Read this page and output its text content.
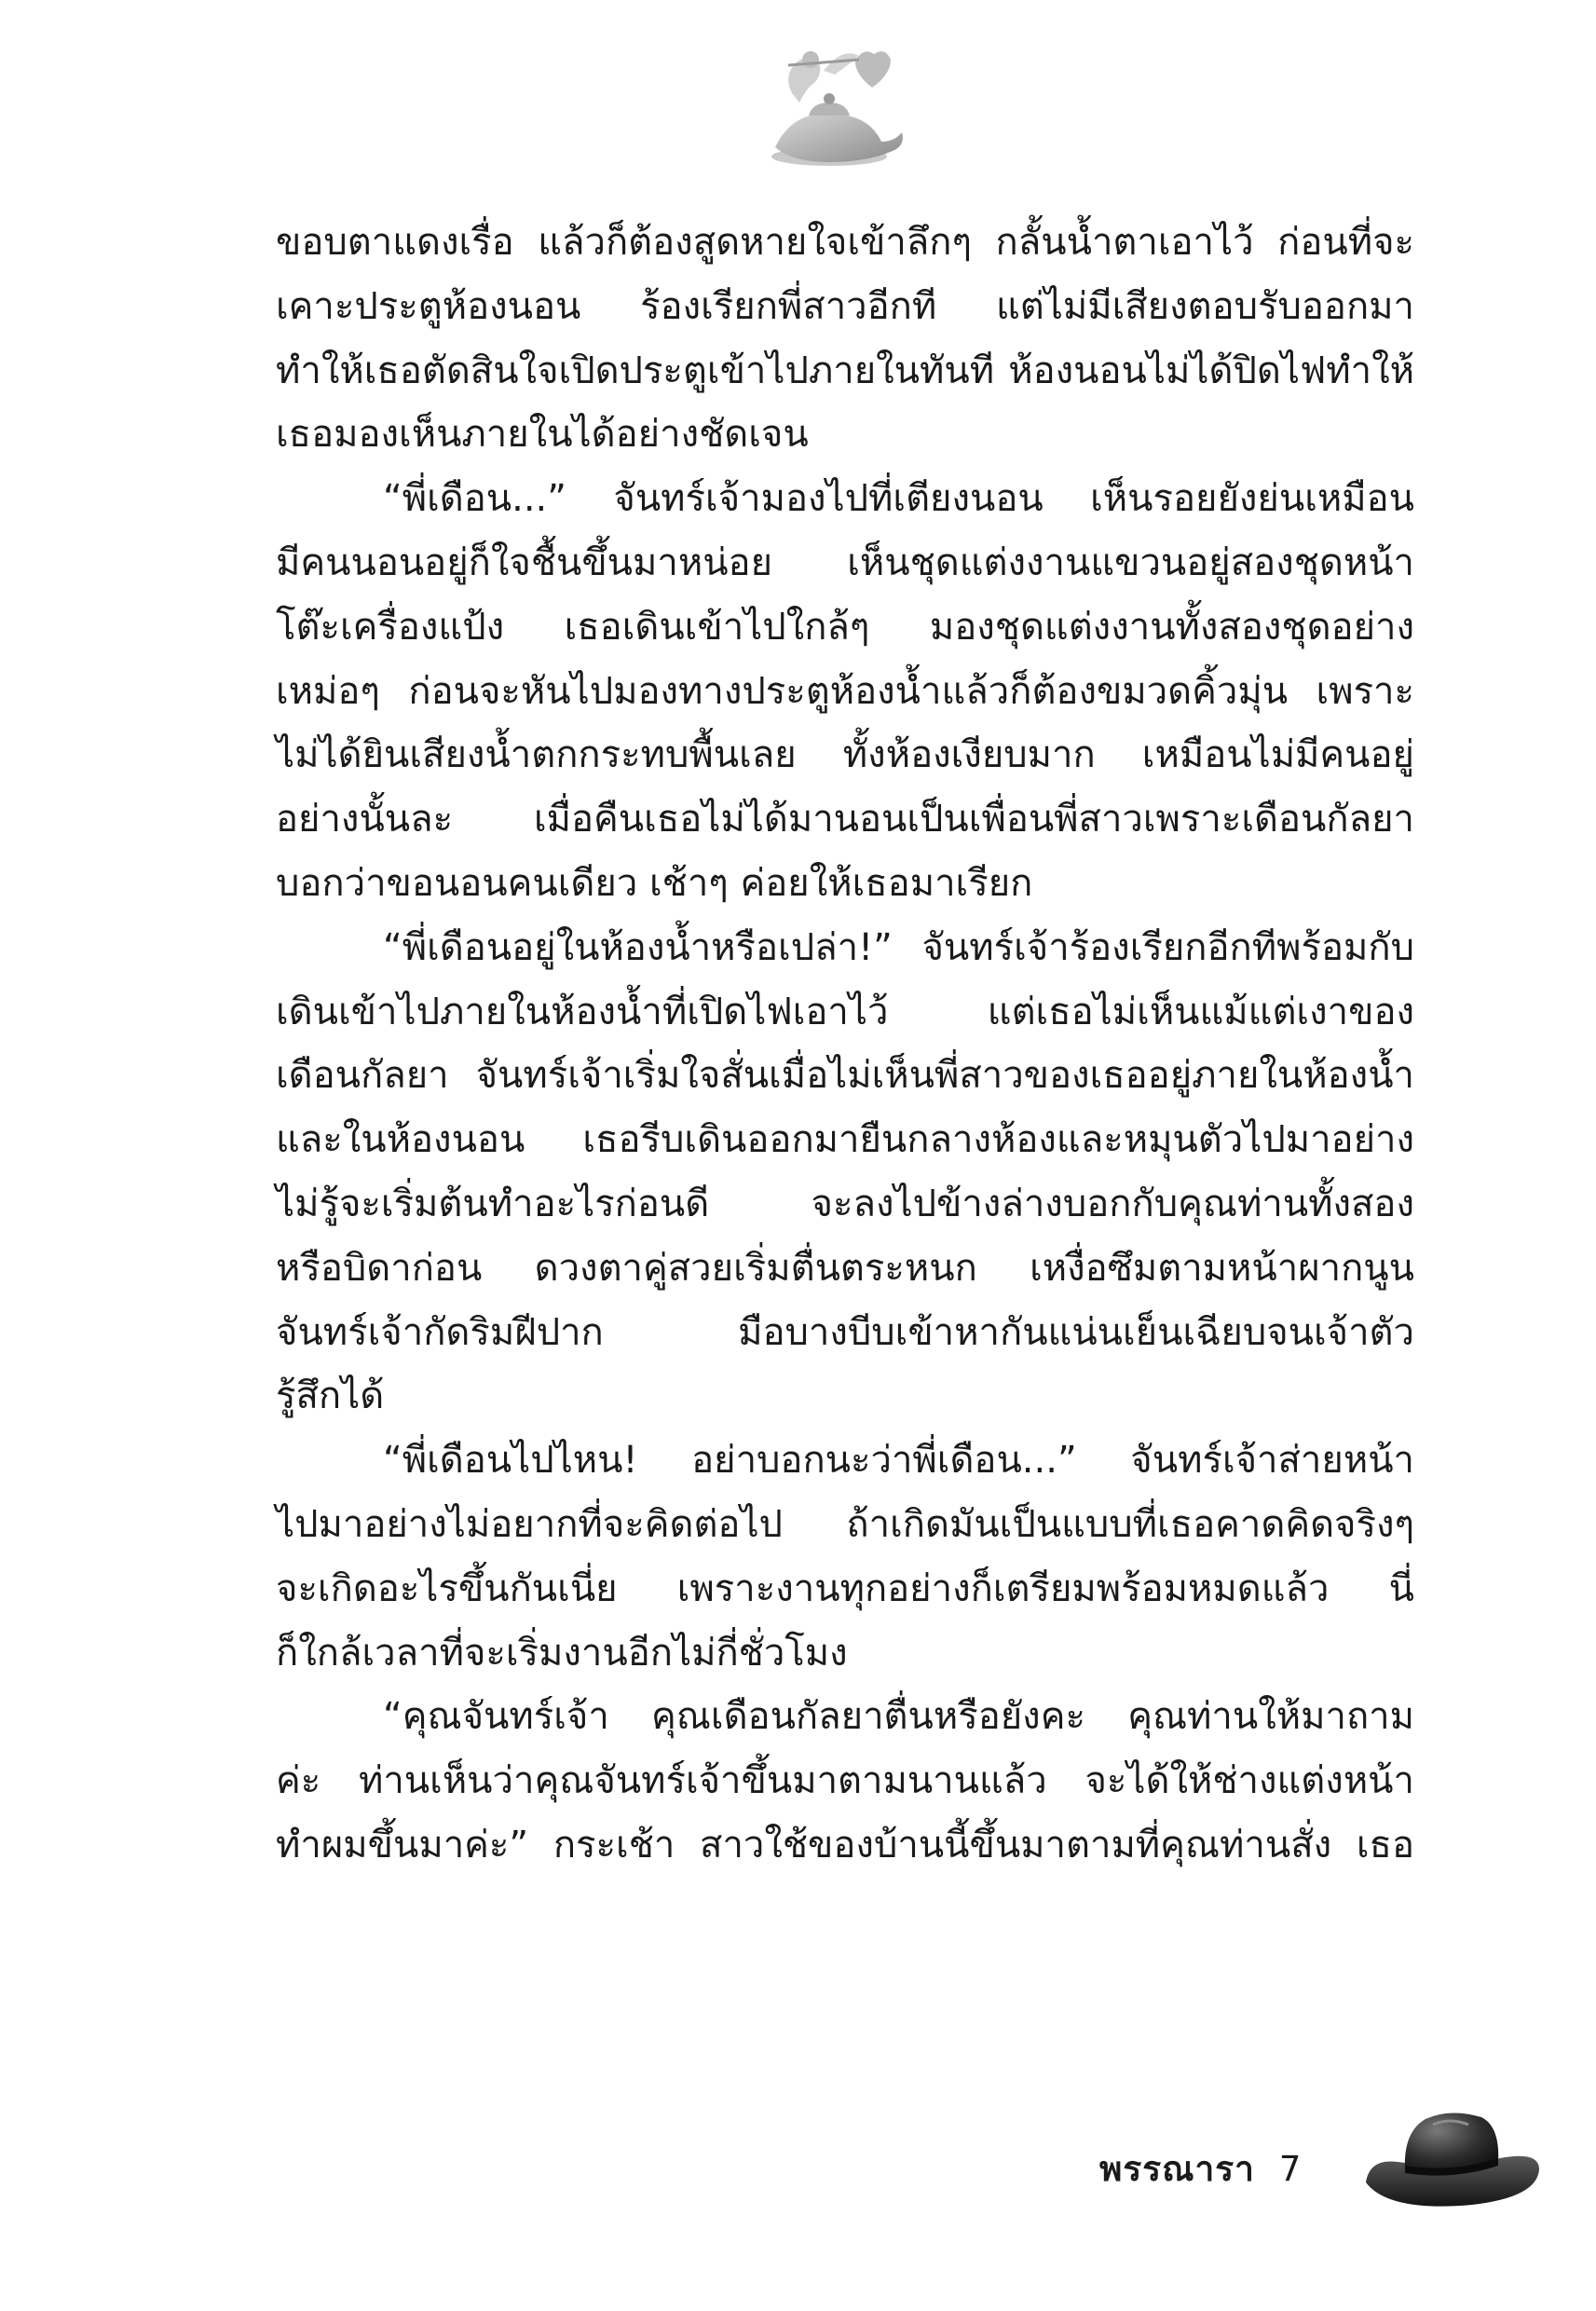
ขอบตาแดงเรื่อ แล้วก็ต้องสูดหายใจเข้าลึกๆ กลั้นน้ำตาเอาไว้ ก่อนที่จะ
เคาะประตูห้องนอน ร้องเรียกพี่สาวอีกที แต่ไม่มีเสียงตอบรับออกมา
ทำให้เธอตัดสินใจเปิดประตูเข้าไปภายในทันที ห้องนอนไม่ได้ปิดไฟทำให้
เธอมองเห็นภายในได้อย่างชัดเจน
“พี่เดือน...” จันทร์เจ้ามองไปที่เตียงนอน เห็นรอยยังย่นเหมือน
มีคนนอนอยู่ก็ใจชื้นขึ้นมาหน่อย เห็นชุดแต่งงานแขวนอยู่สองชุดหน้า
โต๊ะเครื่องแป้ง เธอเดินเข้าไปใกล้ๆ มองชุดแต่งงานทั้งสองชุดอย่าง
เหม่อๆ ก่อนจะหันไปมองทางประตูห้องน้ำแล้วก็ต้องขมวดคิ้วมุ่น เพราะ
ไม่ได้ยินเสียงน้ำตกกระทบพื้นเลย ทั้งห้องเงียบมาก เหมือนไม่มีคนอยู่
อย่างนั้นละ เมื่อคืนเธอไม่ได้มานอนเป็นเพื่อนพี่สาวเพราะเดือนกัลยา
บอกว่าขอนอนคนเดียว เช้าๆ ค่อยให้เธอมาเรียก
“พี่เดือนอยู่ในห้องน้ำหรือเปล่า!” จันทร์เจ้าร้องเรียกอีกทีพร้อมกับ
เดินเข้าไปภายในห้องน้ำที่เปิดไฟเอาไว้ แต่เธอไม่เห็นแม้แต่เงาของ
เดือนกัลยา จันทร์เจ้าเริ่มใจสั่นเมื่อไม่เห็นพี่สาวของเธออยู่ภายในห้องน้ำ
และในห้องนอน เธอรีบเดินออกมายืนกลางห้องและหมุนตัวไปมาอย่าง
ไม่รู้จะเริ่มต้นทำอะไรก่อนดี จะลงไปข้างล่างบอกกับคุณท่านทั้งสอง
หรือบิดาก่อน ดวงตาคู่สวยเริ่มตื่นตระหนก เหงื่อซึมตามหน้าผากนูน
จันทร์เจ้ากัดริมฝีปาก มือบางบีบเข้าหากันแน่นเย็นเฉียบจนเจ้าตัว
รู้สึกได้
“พี่เดือนไปไหน! อย่าบอกนะว่าพี่เดือน...” จันทร์เจ้าส่ายหน้า
ไปมาอย่างไม่อยากที่จะคิดต่อไป ถ้าเกิดมันเป็นแบบที่เธอคาดคิดจริงๆ
จะเกิดอะไรขึ้นกันเนี่ย เพราะงานทุกอย่างก็เตรียมพร้อมหมดแล้ว นี่
ก็ใกล้เวลาที่จะเริ่มงานอีกไม่กี่ชั่วโมง
“คุณจันทร์เจ้า คุณเดือนกัลยาตื่นหรือยังคะ คุณท่านให้มาถาม
ค่ะ ท่านเห็นว่าคุณจันทร์เจ้าขึ้นมาตามนานแล้ว จะได้ให้ช่างแต่งหน้า
ทำผมขึ้นมาค่ะ” กระเช้า สาวใช้ของบ้านนี้ขึ้นมาตามที่คุณท่านสั่ง เธอ
พรรณารา 7
